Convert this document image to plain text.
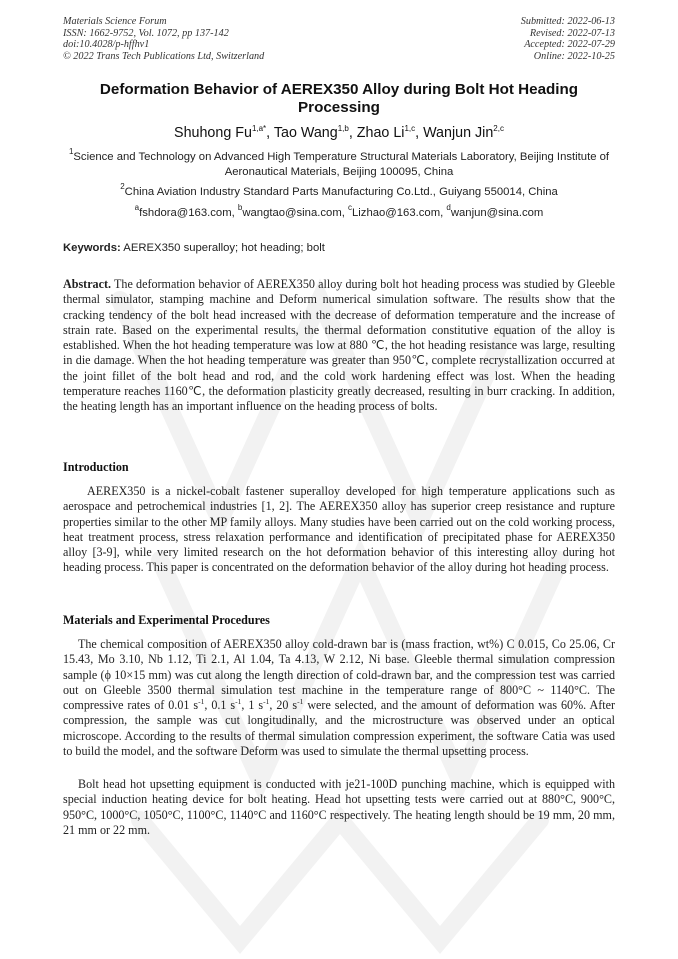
Materials Science Forum
ISSN: 1662-9752, Vol. 1072, pp 137-142
doi:10.4028/p-hffhv1
© 2022 Trans Tech Publications Ltd, Switzerland
Submitted: 2022-06-13
Revised: 2022-07-13
Accepted: 2022-07-29
Online: 2022-10-25
Deformation Behavior of AEREX350 Alloy during Bolt Hot Heading Processing
Shuhong $Fu^{1,a*}$, Tao Wang$^{1,b}$, Zhao Li$^{1,c}$, Wanjun Jin$^{2,c}$
$^1$Science and Technology on Advanced High Temperature Structural Materials Laboratory, Beijing Institute of Aeronautical Materials, Beijing 100095, China
$^2$China Aviation Industry Standard Parts Manufacturing Co.Ltd., Guiyang 550014, China
$^a$fshdora@163.com, $^b$wangtao@sina.com, $^c$Lizhao@163.com, $^d$wanjun@sina.com
Keywords: AEREX350 superalloy; hot heading; bolt
Abstract. The deformation behavior of AEREX350 alloy during bolt hot heading process was studied by Gleeble thermal simulator, stamping machine and Deform numerical simulation software. The results show that the cracking tendency of the bolt head increased with the decrease of deformation temperature and the increase of strain rate. Based on the experimental results, the thermal deformation constitutive equation of the alloy is established. When the hot heading temperature was low at 880 ℃, the hot heading resistance was large, resulting in die damage. When the hot heading temperature was greater than 950℃, complete recrystallization occurred at the joint fillet of the bolt head and rod, and the cold work hardening effect was lost. When the heading temperature reaches 1160℃, the deformation plasticity greatly decreased, resulting in burr cracking. In addition, the heating length has an important influence on the heading process of bolts.
Introduction
AEREX350 is a nickel-cobalt fastener superalloy developed for high temperature applications such as aerospace and petrochemical industries [1, 2]. The AEREX350 alloy has superior creep resistance and rupture properties similar to the other MP family alloys. Many studies have been carried out on the cold working process, heat treatment process, stress relaxation performance and identification of precipitated phase for AEREX350 alloy [3-9], while very limited research on the hot deformation behavior of this interesting alloy during hot heading process. This paper is concentrated on the deformation behavior of the alloy during hot heading process.
Materials and Experimental Procedures
The chemical composition of AEREX350 alloy cold-drawn bar is (mass fraction, wt%) C 0.015, Co 25.06, Cr 15.43, Mo 3.10, Nb 1.12, Ti 2.1, Al 1.04, Ta 4.13, W 2.12, Ni base. Gleeble thermal simulation compression sample (ϕ 10×15 mm) was cut along the length direction of cold-drawn bar, and the compression test was carried out on Gleeble 3500 thermal simulation test machine in the temperature range of 800°C ~ 1140°C. The compressive rates of 0.01 $s^{-1}$, 0.1 $s^{-1}$, 1 $s^{-1}$, 20 $s^{-1}$ were selected, and the amount of deformation was 60%. After compression, the sample was cut longitudinally, and the microstructure was observed under an optical microscope. According to the results of thermal simulation compression experiment, the software Catia was used to build the model, and the software Deform was used to simulate the thermal upsetting process.
Bolt head hot upsetting equipment is conducted with je21-100D punching machine, which is equipped with special induction heating device for bolt heating. Head hot upsetting tests were carried out at 880°C, 900°C, 950°C, 1000°C, 1050°C, 1100°C, 1140°C and 1160°C respectively. The heating length should be 19 mm, 20 mm, 21 mm or 22 mm.
